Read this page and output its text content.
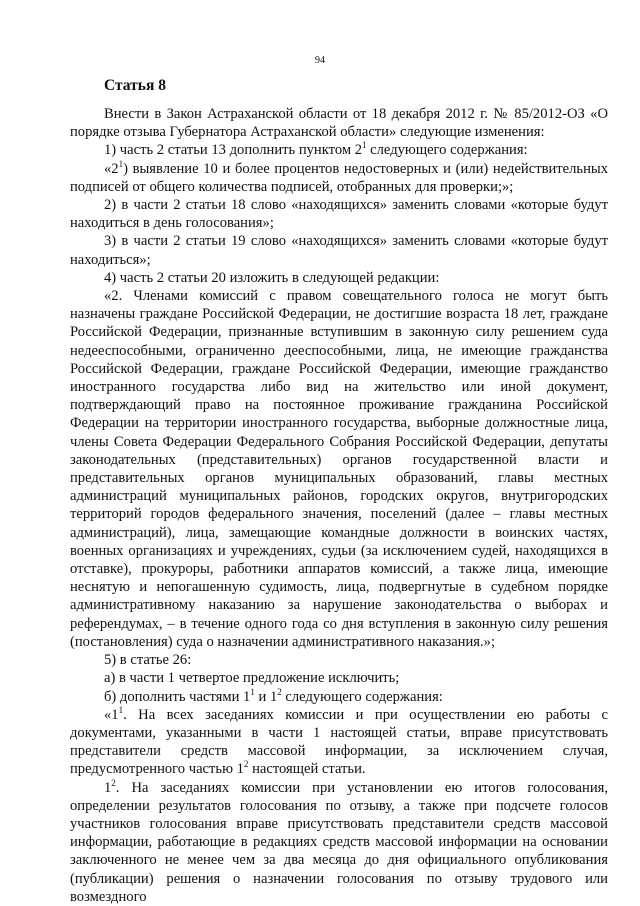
94
Статья 8

Внести в Закон Астраханской области от 18 декабря 2012 г. № 85/2012-ОЗ «О порядке отзыва Губернатора Астраханской области» следующие изменения:

1) часть 2 статьи 13 дополнить пунктом $2^1$ следующего содержания:

«$2^1$) выявление 10 и более процентов недостоверных и (или) недействительных подписей от общего количества подписей, отобранных для проверки;»;

2) в части 2 статьи 18 слово «находящихся» заменить словами «которые будут находиться в день голосования»;

3) в части 2 статьи 19 слово «находящихся» заменить словами «которые будут находиться»;

4) часть 2 статьи 20 изложить в следующей редакции:

«2. Членами комиссий с правом совещательного голоса не могут быть назначены граждане Российской Федерации, не достигшие возраста 18 лет, граждане Российской Федерации, признанные вступившим в законную силу решением суда недееспособными, ограниченно дееспособными, лица, не имеющие гражданства Российской Федерации, граждане Российской Федерации, имеющие гражданство иностранного государства либо вид на жительство или иной документ, подтверждающий право на постоянное проживание гражданина Российской Федерации на территории иностранного государства, выборные должностные лица, члены Совета Федерации Федерального Собрания Российской Федерации, депутаты законодательных (представительных) органов государственной власти и представительных органов муниципальных образований, главы местных администраций муниципальных районов, городских округов, внутригородских территорий городов федерального значения, поселений (далее – главы местных администраций), лица, замещающие командные должности в воинских частях, военных организациях и учреждениях, судьи (за исключением судей, находящихся в отставке), прокуроры, работники аппаратов комиссий, а также лица, имеющие неснятую и непогашенную судимость, лица, подвергнутые в судебном порядке административному наказанию за нарушение законодательства о выборах и референдумах, – в течение одного года со дня вступления в законную силу решения (постановления) суда о назначении административного наказания.»;

5) в статье 26:

а) в части 1 четвертое предложение исключить;

б) дополнить частями $1^1$ и $1^2$ следующего содержания:

«$1^1$. На всех заседаниях комиссии и при осуществлении ею работы с документами, указанными в части 1 настоящей статьи, вправе присутствовать представители средств массовой информации, за исключением случая, предусмотренного частью $1^2$ настоящей статьи.

$1^2$. На заседаниях комиссии при установлении ею итогов голосования, определении результатов голосования по отзыву, а также при подсчете голосов участников голосования вправе присутствовать представители средств массовой информации, работающие в редакциях средств массовой информации на основании заключенного не менее чем за два месяца до дня официального опубликования (публикации) решения о назначении голосования по отзыву трудового или возмездного
